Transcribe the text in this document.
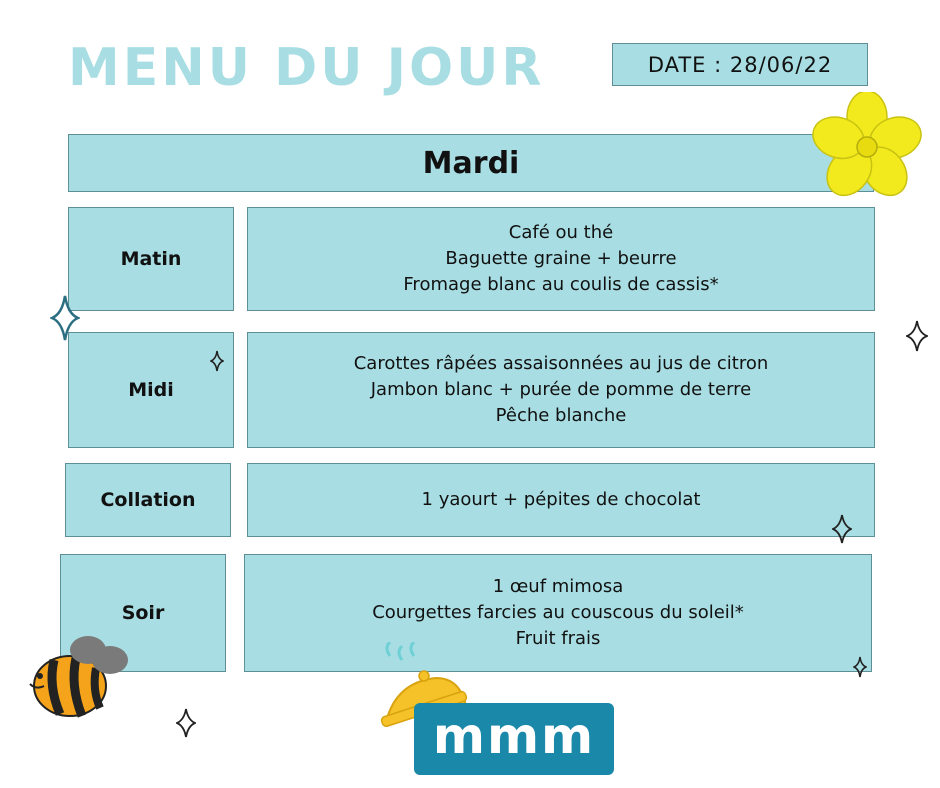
MENU DU JOUR	DATE : 28/06/22
Mardi
Matin
Café ou thé
Baguette graine + beurre
Fromage blanc au coulis de cassis*
Midi
Carottes râpées assaisonnées au jus de citron
Jambon blanc + purée de pomme de terre
Pêche blanche
Collation	1 yaourt + pépites de chocolat
Soir
1 œuf mimosa
Courgettes farcies au couscous du soleil*
Fruit frais
mmm
